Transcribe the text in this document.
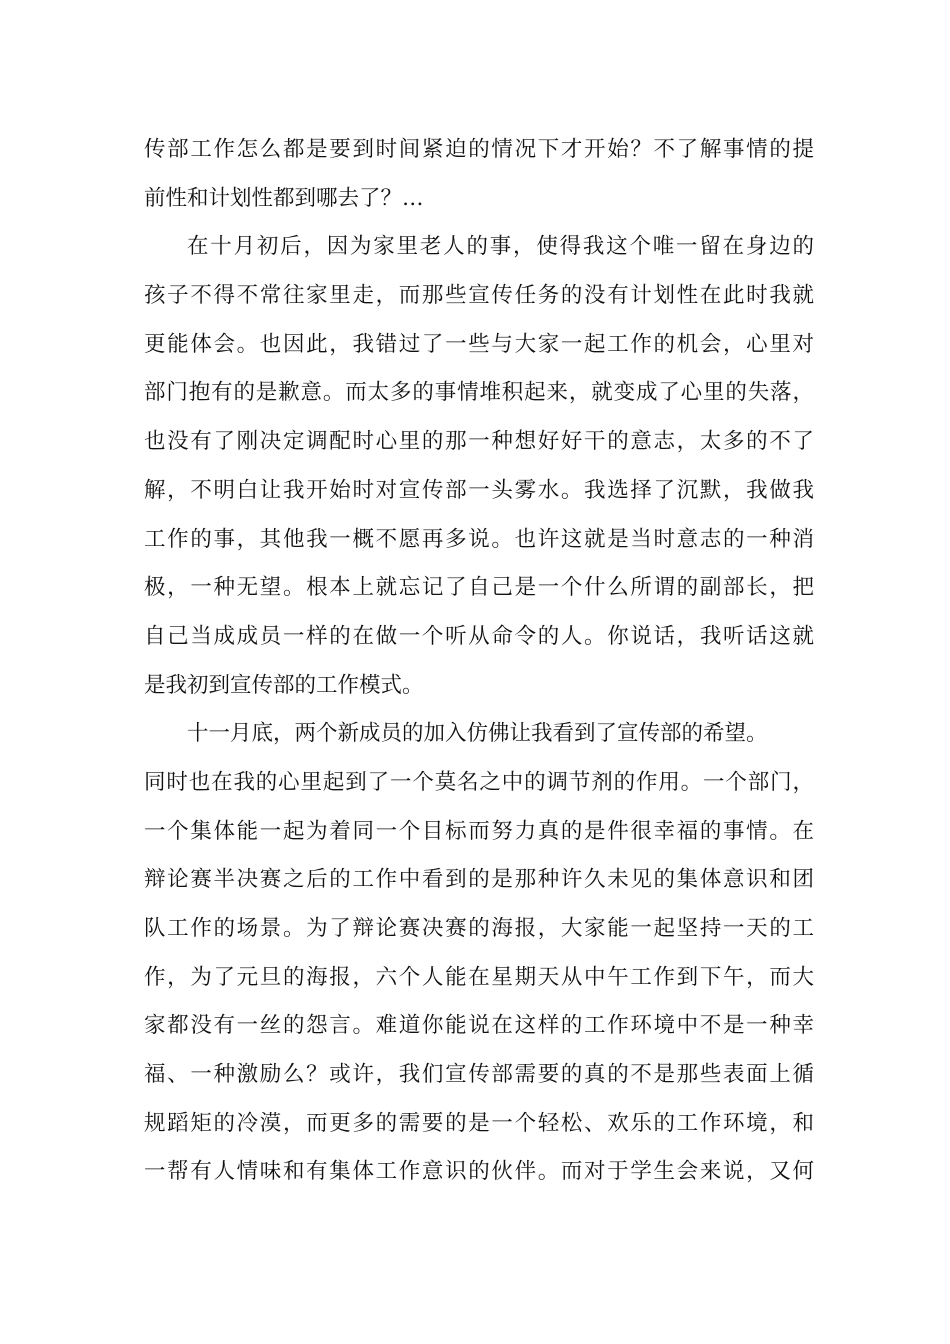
传部工作怎么都是要到时间紧迫的情况下才开始？不了解事情的提
前性和计划性都到哪去了？…
在十月初后，因为家里老人的事，使得我这个唯一留在身边的
孩子不得不常往家里走，而那些宣传任务的没有计划性在此时我就
更能体会。也因此，我错过了一些与大家一起工作的机会，心里对
部门抱有的是歉意。而太多的事情堆积起来，就变成了心里的失落，
也没有了刚决定调配时心里的那一种想好好干的意志，太多的不了
解，不明白让我开始时对宣传部一头雾水。我选择了沉默，我做我
工作的事，其他我一概不愿再多说。也许这就是当时意志的一种消
极，一种无望。根本上就忘记了自己是一个什么所谓的副部长，把
自己当成成员一样的在做一个听从命令的人。你说话，我听话这就
是我初到宣传部的工作模式。
十一月底，两个新成员的加入仿佛让我看到了宣传部的希望。
同时也在我的心里起到了一个莫名之中的调节剂的作用。一个部门，
一个集体能一起为着同一个目标而努力真的是件很幸福的事情。在
辩论赛半决赛之后的工作中看到的是那种许久未见的集体意识和团
队工作的场景。为了辩论赛决赛的海报，大家能一起坚持一天的工
作，为了元旦的海报，六个人能在星期天从中午工作到下午，而大
家都没有一丝的怨言。难道你能说在这样的工作环境中不是一种幸
福、一种激励么？或许，我们宣传部需要的真的不是那些表面上循
规蹈矩的冷漠，而更多的需要的是一个轻松、欢乐的工作环境，和
一帮有人情味和有集体工作意识的伙伴。而对于学生会来说，又何
